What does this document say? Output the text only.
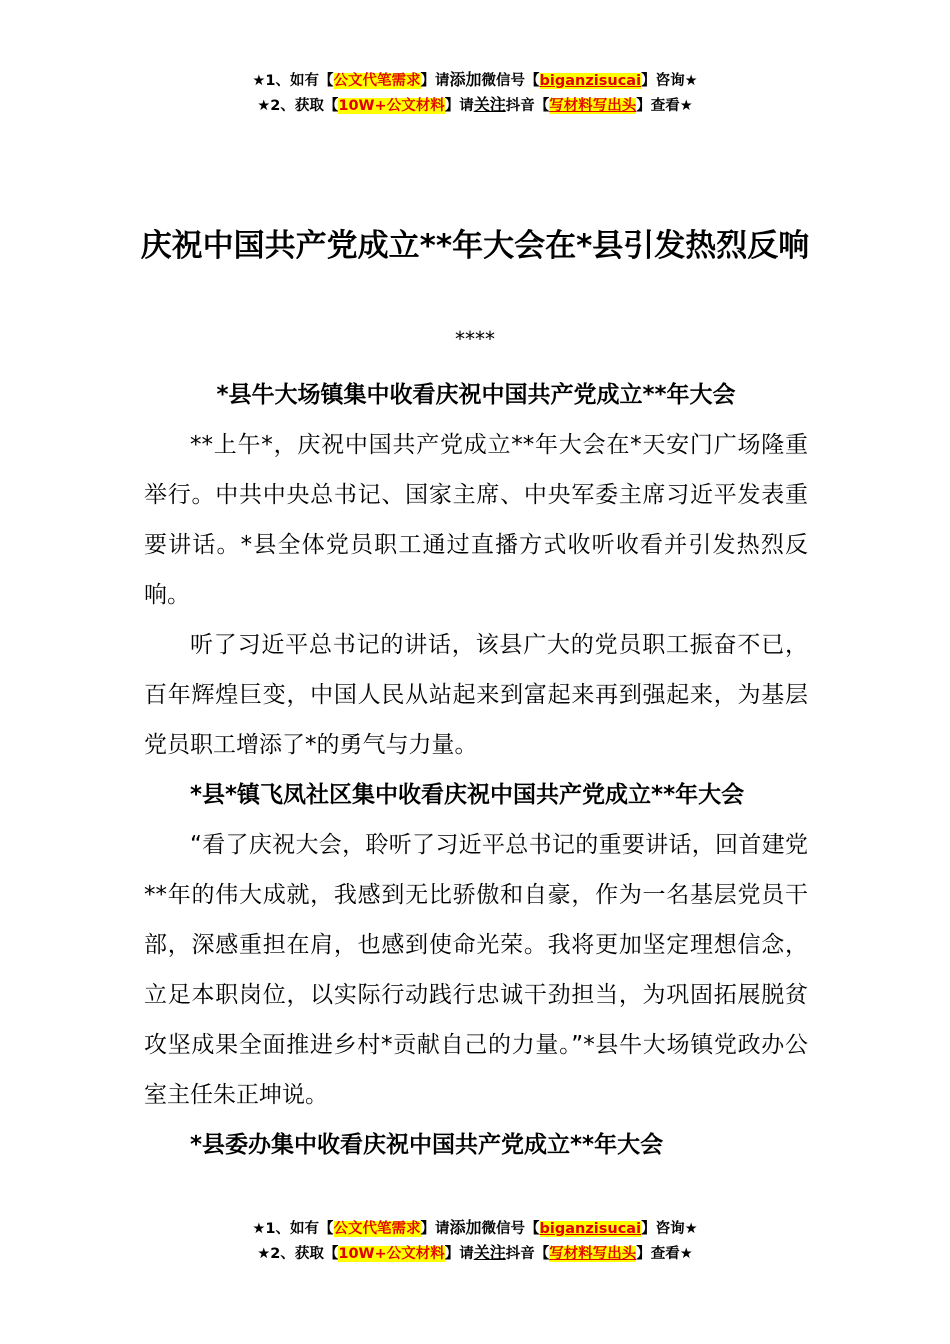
★1、如有【公文代笔需求】请添加微信号【biganzisucai】咨询★
★2、获取【10W+公文材料】请关注抖音【写材料写出头】查看★
庆祝中国共产党成立**年大会在*县引发热烈反响
****

*县牛大场镇集中收看庆祝中国共产党成立**年大会

**上午*，庆祝中国共产党成立**年大会在*天安门广场隆重举行。中共中央总书记、国家主席、中央军委主席习近平发表重要讲话。*县全体党员职工通过直播方式收听收看并引发热烈反响。

听了习近平总书记的讲话，该县广大的党员职工振奋不已，百年辉煌巨变，中国人民从站起来到富起来再到强起来，为基层党员职工增添了*的勇气与力量。

*县*镇飞凤社区集中收看庆祝中国共产党成立**年大会

“看了庆祝大会，聆听了习近平总书记的重要讲话，回首建党**年的伟大成就，我感到无比骄傲和自豪，作为一名基层党员干部，深感重担在肩，也感到使命光荣。我将更加坚定理想信念，立足本职岗位，以实际行动践行忠诚干劲担当，为巩固拓展脱贫攻坚成果全面推进乡村*贡献自己的力量。”*县牛大场镇党政办公室主任朱正坤说。

*县委办集中收看庆祝中国共产党成立**年大会

★1、如有【公文代笔需求】请添加微信号【biganzisucai】咨询★
★2、获取【10W+公文材料】请关注抖音【写材料写出头】查看★
